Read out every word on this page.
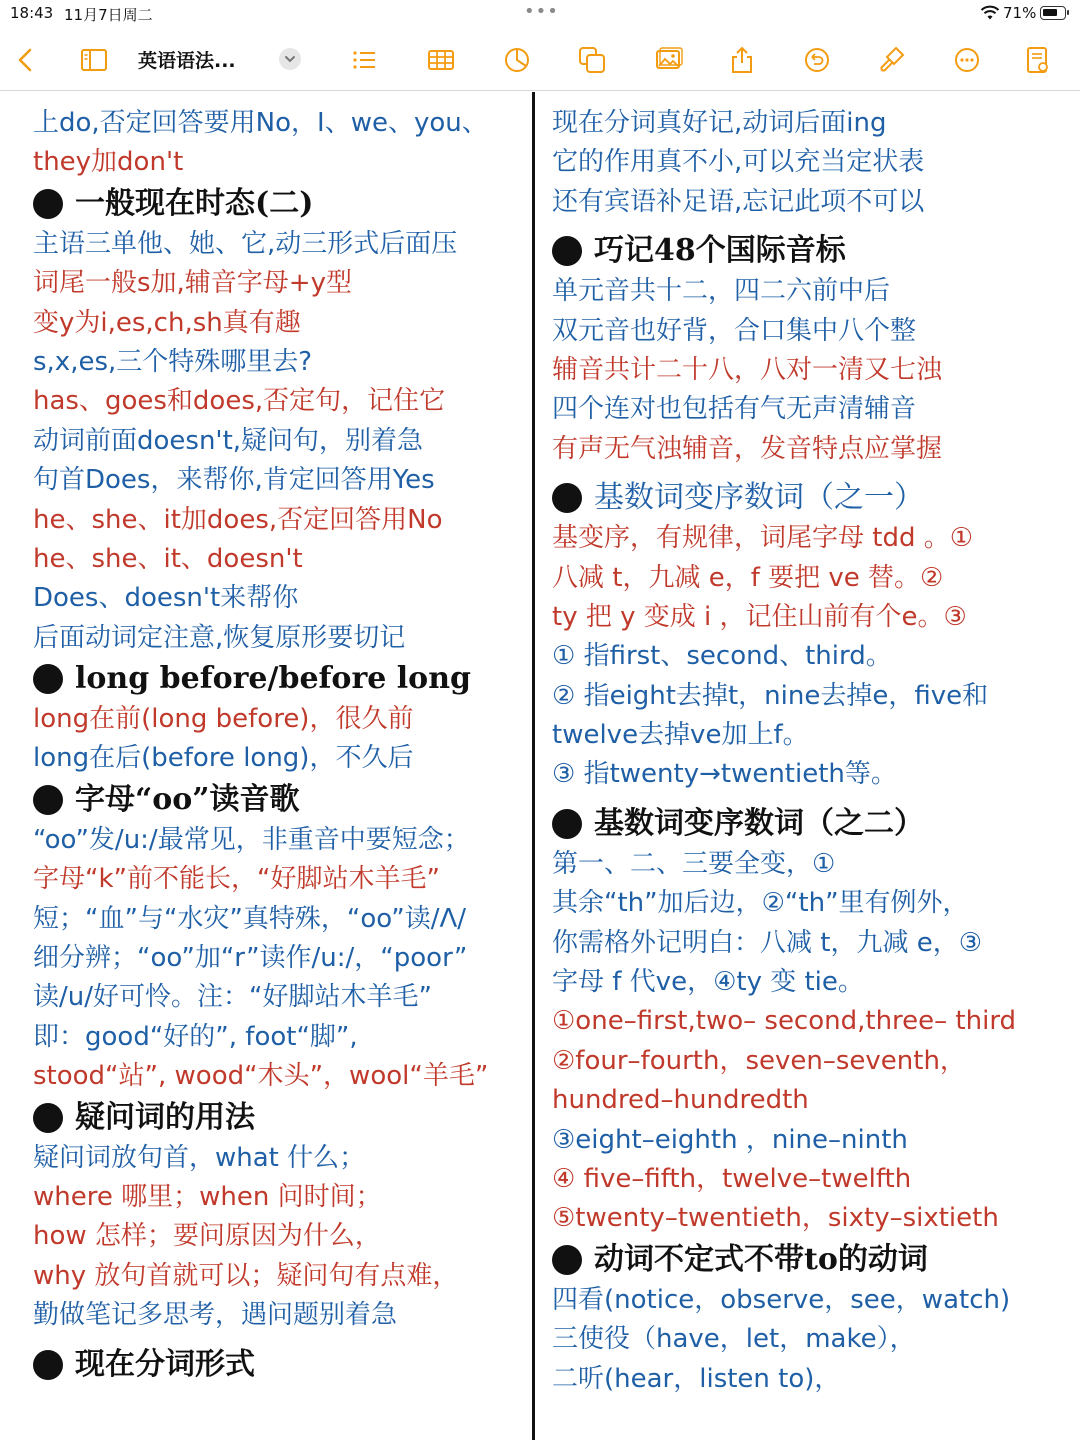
18:43 11月7日周二	•••	71%
英语语法...
上do,否定回答要用No，I、we、you、
they加don't
一般现在时态(二)
主语三单他、她、它,动三形式后面压
词尾一般s加,辅音字母+y型
变y为i,es,ch,sh真有趣
s,x,es,三个特殊哪里去?
has、goes和does,否定句，记住它
动词前面doesn't,疑问句，别着急
句首Does，来帮你,肯定回答用Yes
he、she、it加does,否定回答用No
he、she、it、doesn't
Does、doesn't来帮你
后面动词定注意,恢复原形要切记
long before/before long
long在前(long before)，很久前
long在后(before long)，不久后
字母“oo”读音歌
“oo”发/u:/最常见，非重音中要短念；
字母“k”前不能长，“好脚站木羊毛”
短；“血”与“水灾”真特殊，“oo”读/Λ/
细分辨；“oo”加“r”读作/u:/，“poor”
读/u/好可怜。注：“好脚站木羊毛”
即：good“好的”, foot“脚”,
stood“站”, wood“木头”，wool“羊毛”
疑问词的用法
疑问词放句首，what 什么；
where 哪里；when 问时间；
how 怎样；要问原因为什么，
why 放句首就可以；疑问句有点难，
勤做笔记多思考，遇问题别着急
现在分词形式
现在分词真好记,动词后面ing
它的作用真不小,可以充当定状表
还有宾语补足语,忘记此项不可以
巧记48个国际音标
单元音共十二，四二六前中后
双元音也好背，合口集中八个整
辅音共计二十八，八对一清又七浊
四个连对也包括有气无声清辅音
有声无气浊辅音，发音特点应掌握
基数词变序数词（之一）
基变序，有规律，词尾字母 tdd 。①
八减 t，九减 e，f 要把 ve 替。②
ty 把 y 变成 i ，记住山前有个e。③
① 指first、second、third。
② 指eight去掉t，nine去掉e，five和
twelve去掉ve加上f。
③ 指twenty→twentieth等。
基数词变序数词（之二）
第一、二、三要全变，①
其余“th”加后边，②“th”里有例外，
你需格外记明白：八减 t，九减 e，③
字母 f 代ve，④ty 变 tie。
①one–first,two– second,three– third
②four–fourth，seven–seventh，
hundred–hundredth
③eight–eighth ，nine–ninth
④ five–fifth，twelve–twelfth
⑤twenty–twentieth，sixty–sixtieth
动词不定式不带to的动词
四看(notice，observe，see，watch)
三使役（have，let，make），
二听(hear，listen to)，
